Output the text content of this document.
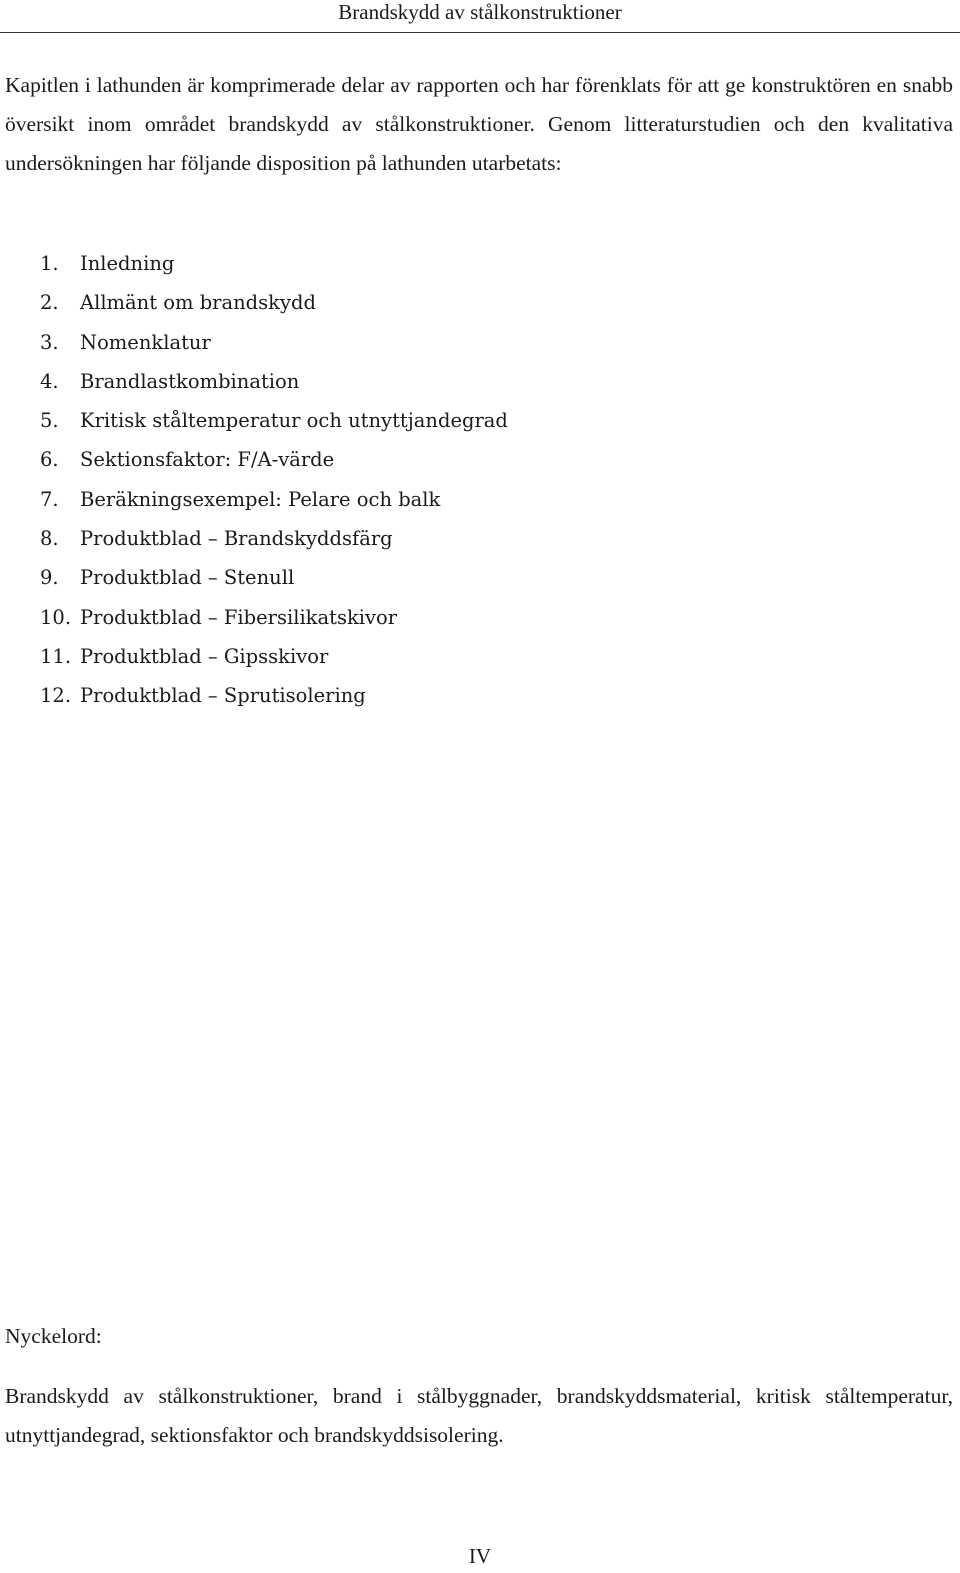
Brandskydd av stålkonstruktioner

Kapitlen i lathunden är komprimerade delar av rapporten och har förenklats för att ge konstruktören en snabb översikt inom området brandskydd av stålkonstruktioner. Genom litteraturstudien och den kvalitativa undersökningen har följande disposition på lathunden utarbetats:

1.	Inledning
2.	Allmänt om brandskydd
3.	Nomenklatur
4.	Brandlastkombination
5.	Kritisk ståltemperatur och utnyttjandegrad
6.	Sektionsfaktor: F/A-värde
7.	Beräkningsexempel: Pelare och balk
8.	Produktblad – Brandskyddsfärg
9.	Produktblad – Stenull
10. Produktblad – Fibersilikatskivor
11. Produktblad – Gipsskivor
12. Produktblad – Sprutisolering

Nyckelord:

Brandskydd av stålkonstruktioner, brand i stålbyggnader, brandskyddsmaterial, kritisk ståltemperatur, utnyttjandegrad, sektionsfaktor och brandskyddsisolering.

IV
